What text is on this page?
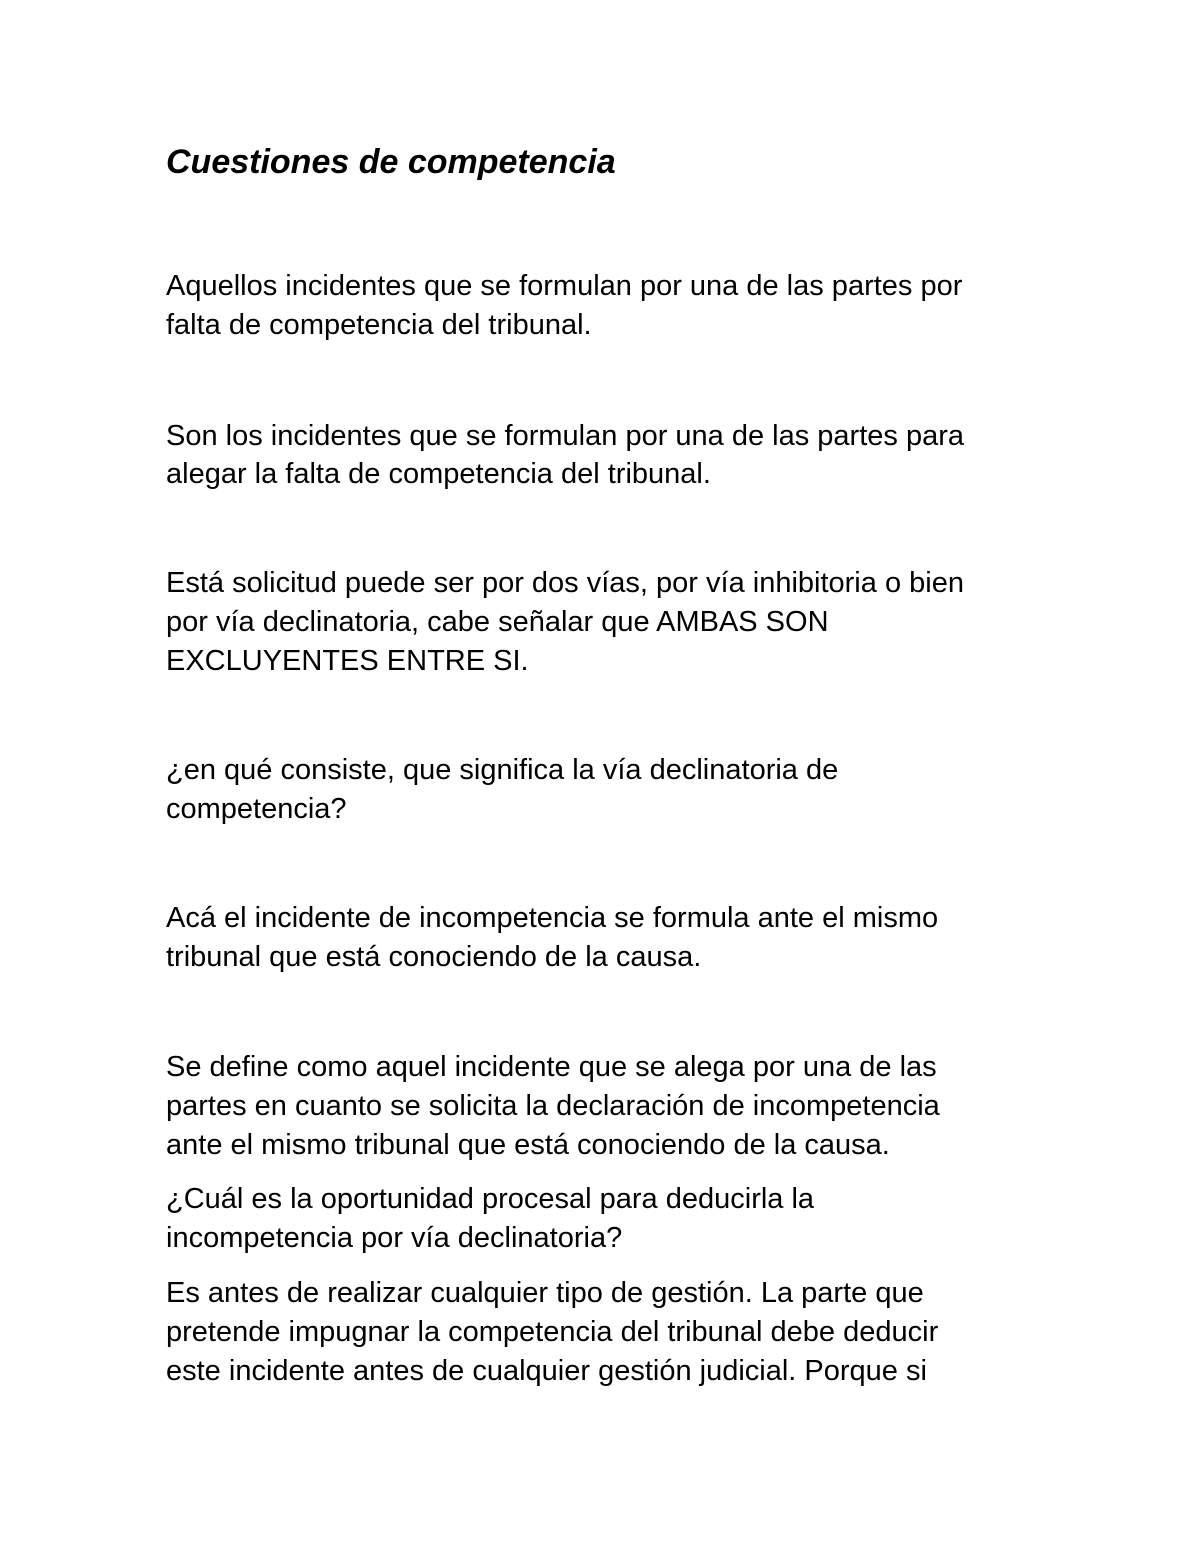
Cuestiones de competencia

Aquellos incidentes que se formulan por una de las partes por

falta de competencia del tribunal.

Son los incidentes que se formulan por una de las partes para

alegar la falta de competencia del tribunal.

Está solicitud puede ser por dos vías, por vía inhibitoria o bien

por vía declinatoria, cabe señalar que AMBAS SON

EXCLUYENTES ENTRE SI.

¿en qué consiste, que significa la vía declinatoria de

competencia?

Acá el incidente de incompetencia se formula ante el mismo

tribunal que está conociendo de la causa.

Se define como aquel incidente que se alega por una de las

partes en cuanto se solicita la declaración de incompetencia

ante el mismo tribunal que está conociendo de la causa.

¿Cuál es la oportunidad procesal para deducirla la

incompetencia por vía declinatoria?

Es antes de realizar cualquier tipo de gestión. La parte que

pretende impugnar la competencia del tribunal debe deducir

este incidente antes de cualquier gestión judicial. Porque si
